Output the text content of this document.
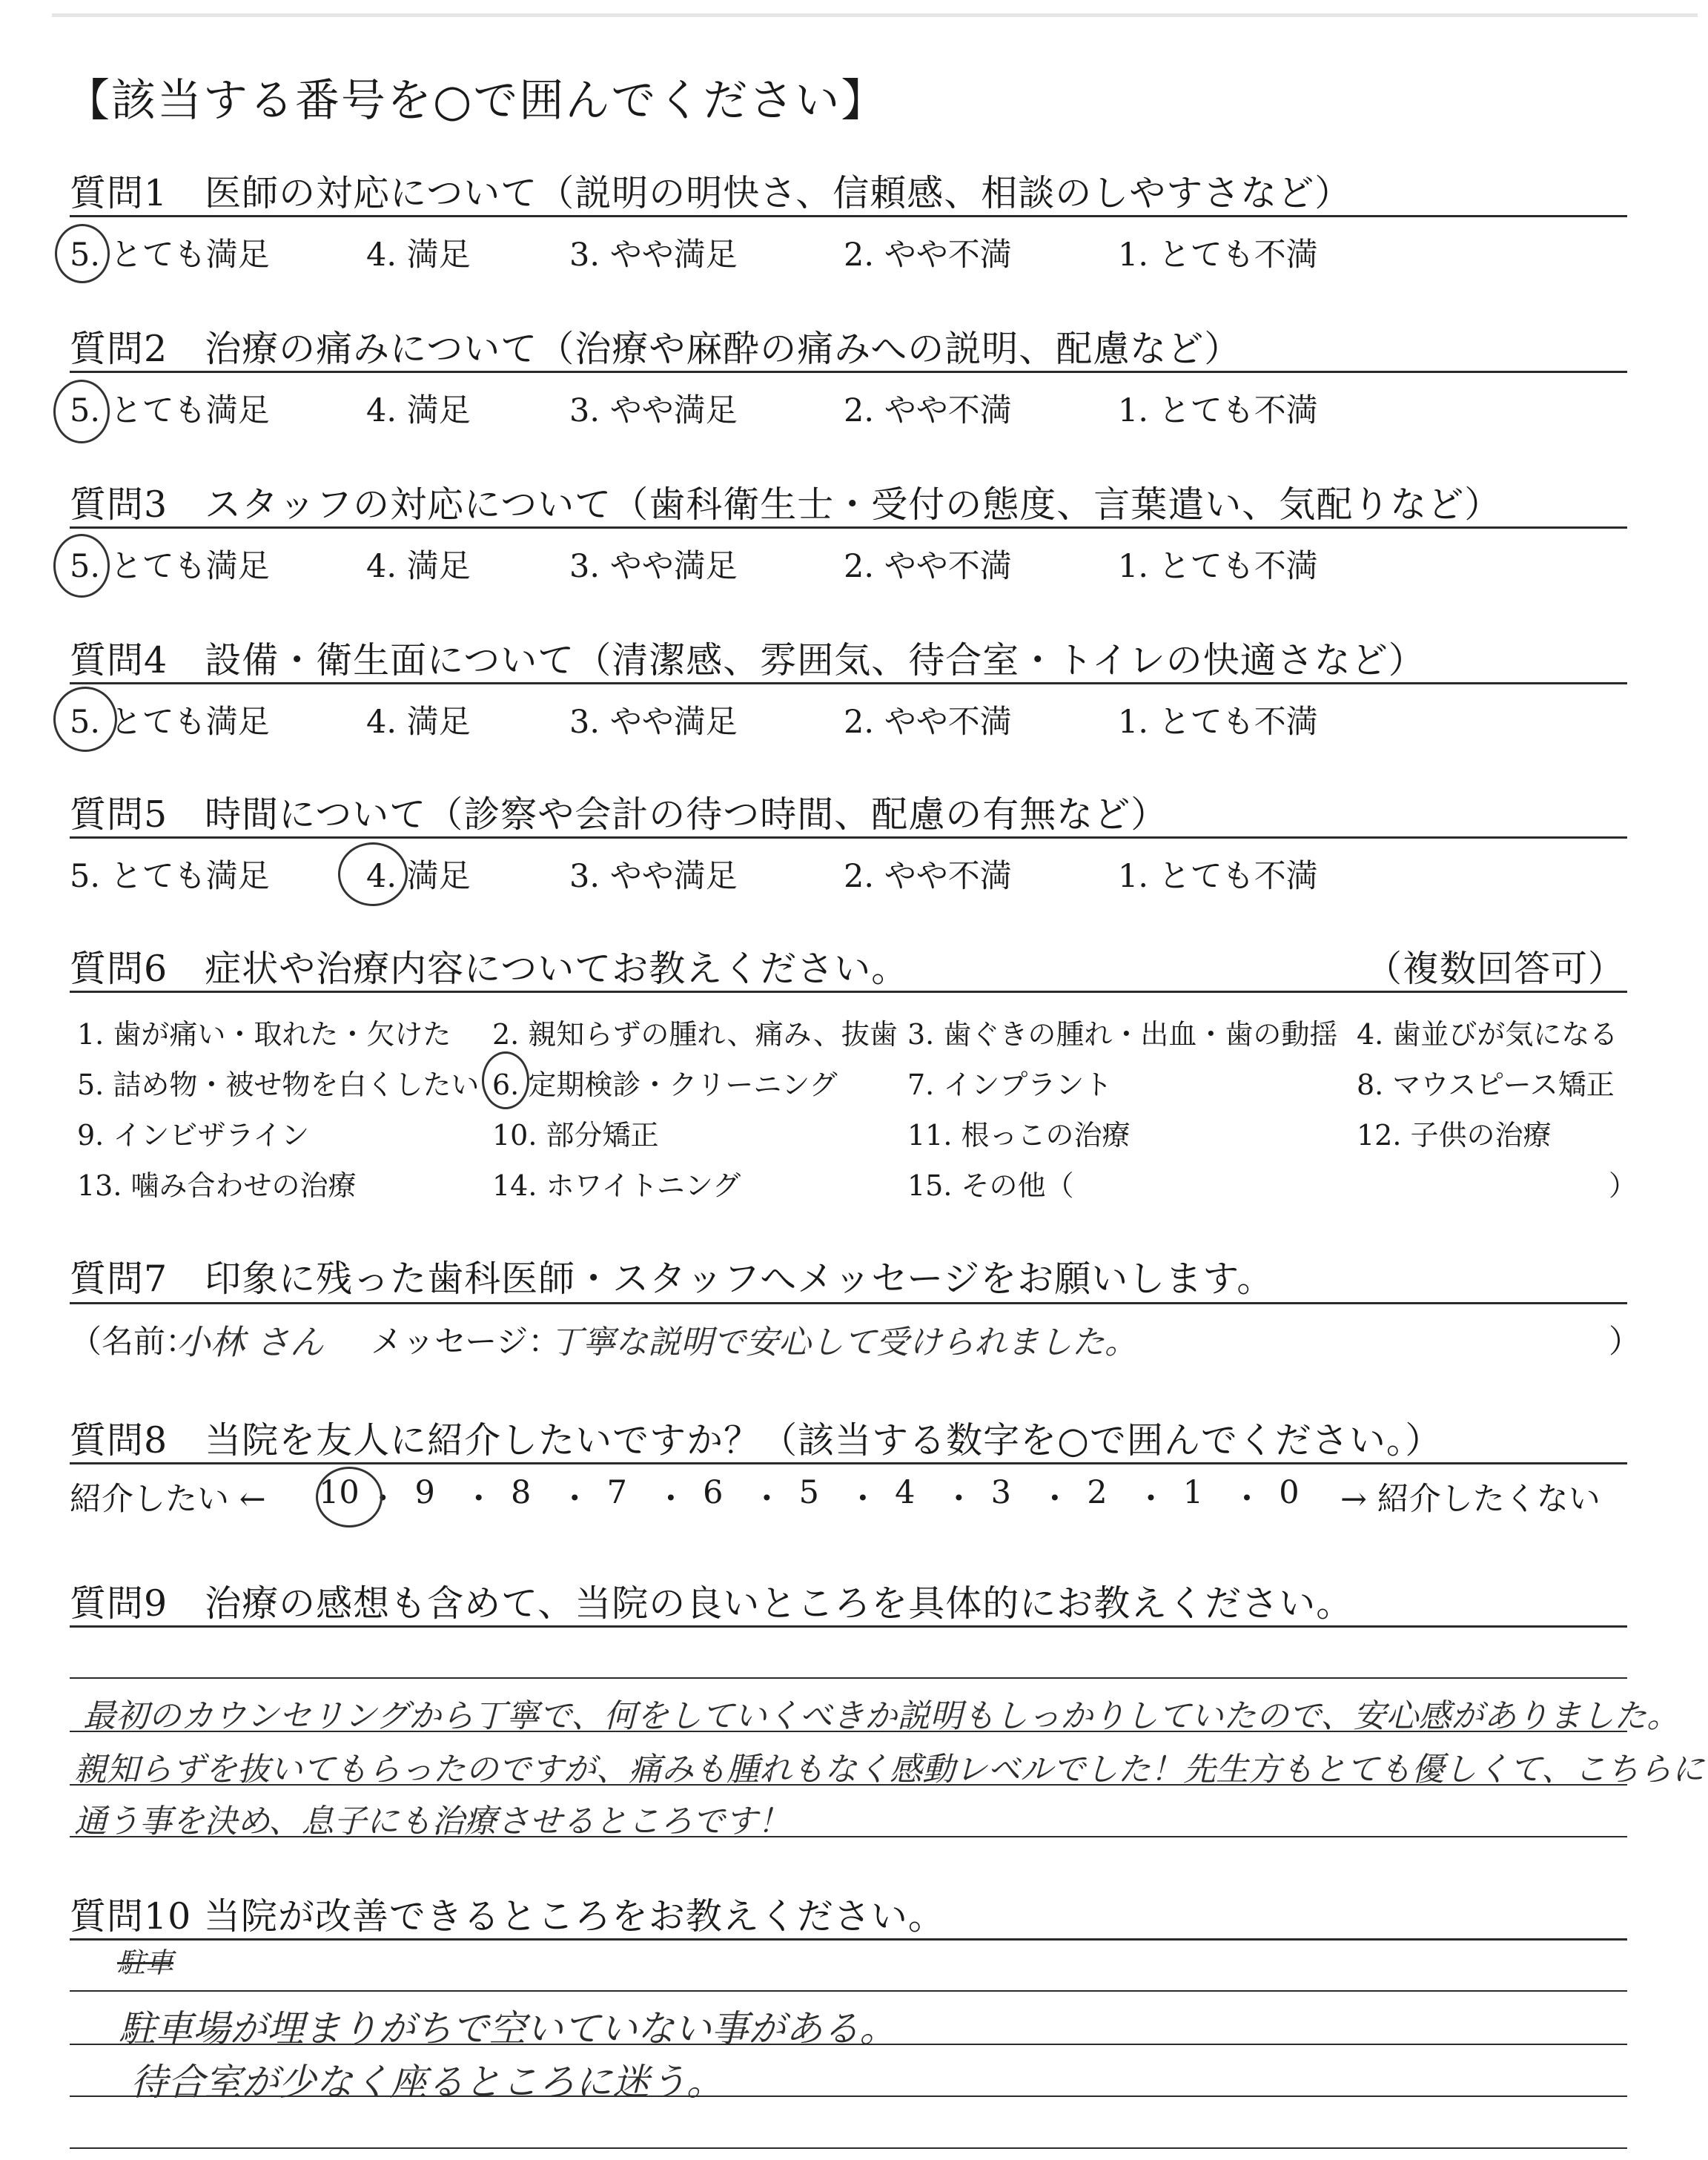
【該当する番号を○で囲んでください】
質問1　医師の対応について（説明の明快さ、信頼感、相談のしやすさなど）
5. とても満足	4. 満足	3. やや満足	2. やや不満	1. とても不満
質問2　治療の痛みについて（治療や麻酔の痛みへの説明、配慮など）
5. とても満足	4. 満足	3. やや満足	2. やや不満	1. とても不満
質問3　スタッフの対応について（歯科衛生士・受付の態度、言葉遣い、気配りなど）
5. とても満足	4. 満足	3. やや満足	2. やや不満	1. とても不満
質問4　設備・衛生面について（清潔感、雰囲気、待合室・トイレの快適さなど）
5. とても満足	4. 満足	3. やや満足	2. やや不満	1. とても不満
質問5　時間について（診察や会計の待つ時間、配慮の有無など）
5. とても満足	4. 満足	3. やや満足	2. やや不満	1. とても不満
質問6　症状や治療内容についてお教えください。	（複数回答可）
1. 歯が痛い・取れた・欠けた 2. 親知らずの腫れ、痛み、抜歯 3. 歯ぐきの腫れ・出血・歯の動揺 4. 歯並びが気になる
5. 詰め物・被せ物を白くしたい 6. 定期検診・クリーニング 7. インプラント	8. マウスピース矯正
9. インビザライン	10. 部分矯正	11. 根っこの治療	12. 子供の治療
13. 噛み合わせの治療	14. ホワイトニング	15. その他（	）
質問7　印象に残った歯科医師・スタッフへメッセージをお願いします。
（名前：
小林 さん メッセージ：
丁寧な説明で安心して受けられました。	）
質問8　当院を友人に紹介したいですか？（該当する数字を○で囲んでください。）
紹介したい ← 10 ・ 9 ・ 8 ・ 7 ・ 6 ・ 5 ・ 4 ・ 3 ・ 2 ・ 1 ・ 0 → 紹介したくない
質問9　治療の感想も含めて、当院の良いところを具体的にお教えください。
最初のカウンセリングから丁寧で、何をしていくべきか説明もしっかりしていたので、安心感がありました。
親知らずを抜いてもらったのですが、痛みも腫れもなく感動レベルでした！先生方もとても優しくて、こちらに
通う事を決め、息子にも治療させるところです！
質問10 当院が改善できるところをお教えください。
駐車
駐車場が埋まりがちで空いていない事がある。
待合室が少なく座るところに迷う。
